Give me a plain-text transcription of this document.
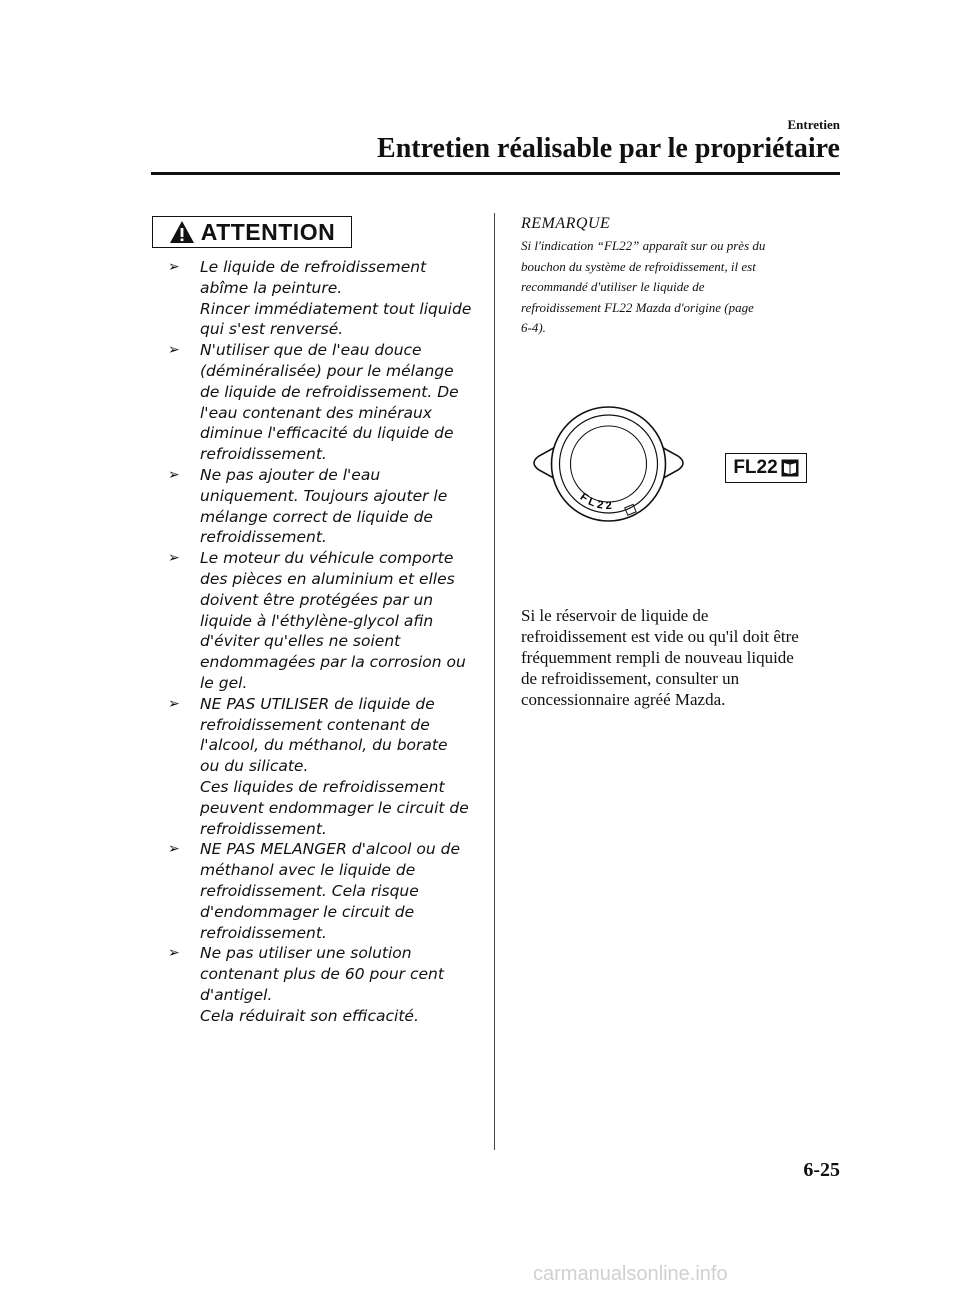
Entretien
Entretien réalisable par le propriétaire
ATTENTION
➢ Le liquide de refroidissement
abîme la peinture.
Rincer immédiatement tout liquide
qui s'est renversé.
➢ N'utiliser que de l'eau douce
(déminéralisée) pour le mélange
de liquide de refroidissement. De
l'eau contenant des minéraux
diminue l'efficacité du liquide de
refroidissement.
➢ Ne pas ajouter de l'eau
uniquement. Toujours ajouter le
mélange correct de liquide de
refroidissement.
➢ Le moteur du véhicule comporte
des pièces en aluminium et elles
doivent être protégées par un
liquide à l'éthylène-glycol afin
d'éviter qu'elles ne soient
endommagées par la corrosion ou
le gel.
➢ NE PAS UTILISER de liquide de
refroidissement contenant de
l'alcool, du méthanol, du borate
ou du silicate.
Ces liquides de refroidissement
peuvent endommager le circuit de
refroidissement.
➢ NE PAS MELANGER d'alcool ou de
méthanol avec le liquide de
refroidissement. Cela risque
d'endommager le circuit de
refroidissement.
➢ Ne pas utiliser une solution
contenant plus de 60 pour cent
d'antigel.
Cela réduirait son efficacité.
REMARQUE
Si l'indication “FL22” apparaît sur ou près du
bouchon du système de refroidissement, il est
recommandé d'utiliser le liquide de
refroidissement FL22 Mazda d'origine (page
6-4).
FL22
FL22
Si le réservoir de liquide de
refroidissement est vide ou qu'il doit être
fréquemment rempli de nouveau liquide
de refroidissement, consulter un
concessionnaire agréé Mazda.
6-25
carmanualsonline.info
